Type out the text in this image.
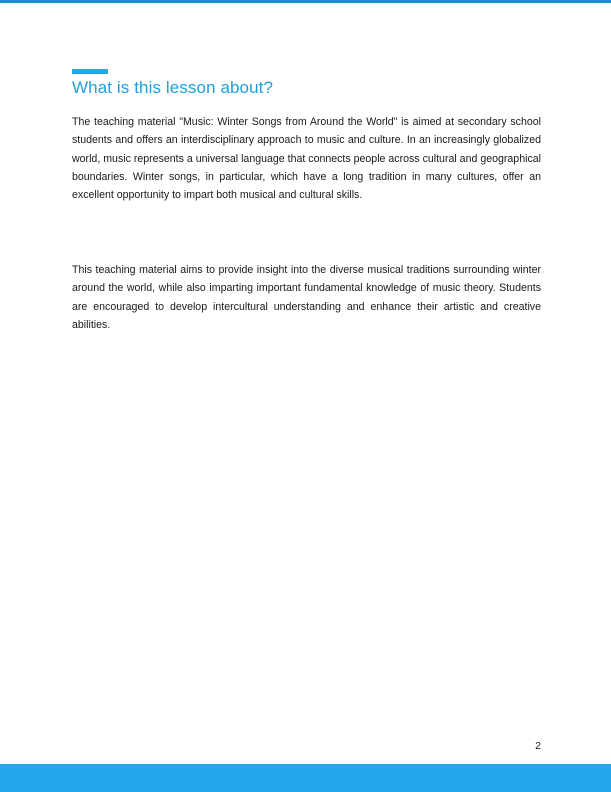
What is this lesson about?

The teaching material "Music: Winter Songs from Around the World" is aimed at secondary school students and offers an interdisciplinary approach to music and culture. In an increasingly globalized world, music represents a universal language that connects people across cultural and geographical boundaries. Winter songs, in particular, which have a long tradition in many cultures, offer an excellent opportunity to impart both musical and cultural skills.

This teaching material aims to provide insight into the diverse musical traditions surrounding winter around the world, while also imparting important fundamental knowledge of music theory. Students are encouraged to develop intercultural understanding and enhance their artistic and creative abilities.

2
